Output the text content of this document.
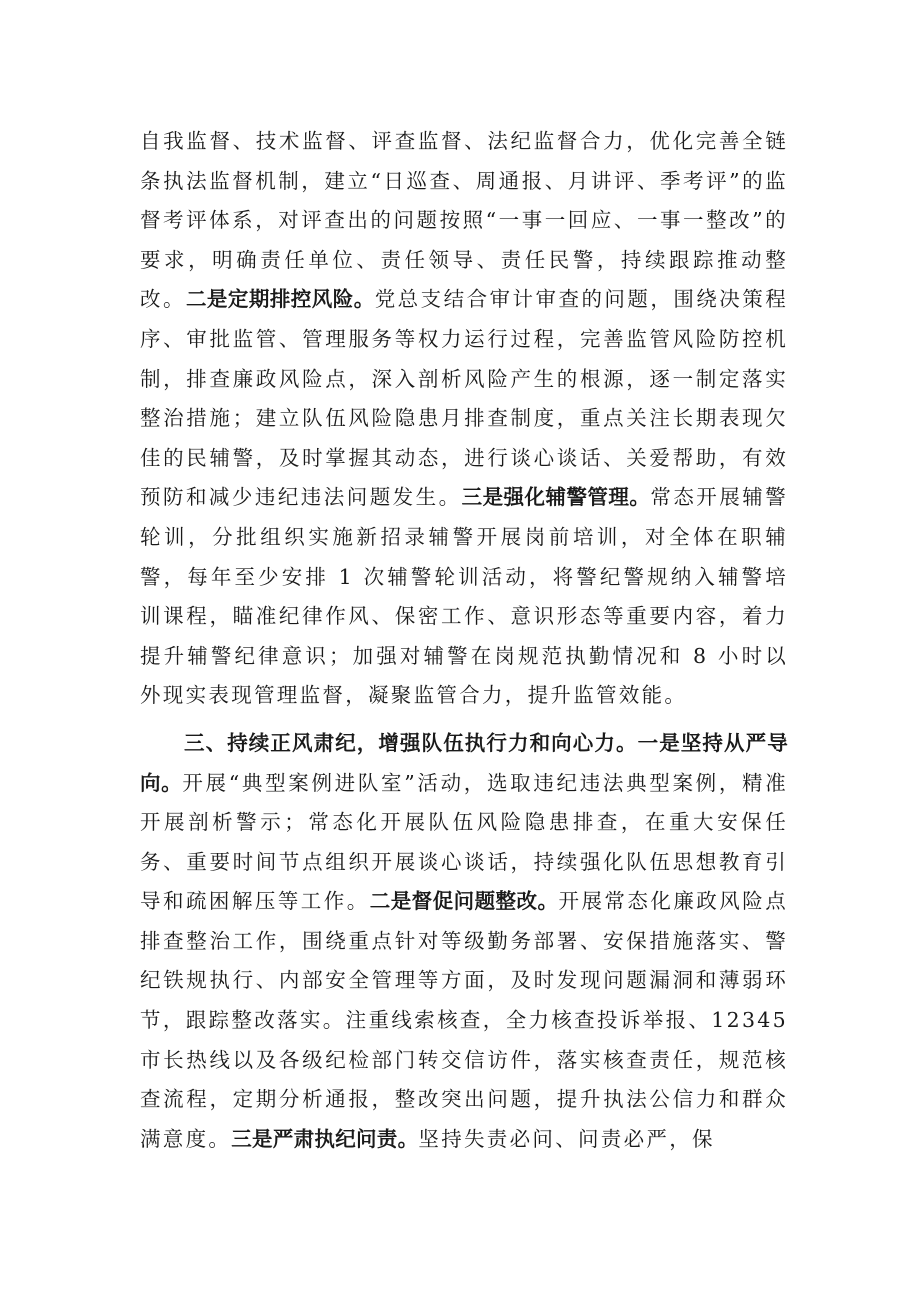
自我监督、技术监督、评查监督、法纪监督合力，优化完善全链条执法监督机制，建立“日巡查、周通报、月讲评、季考评”的监督考评体系，对评查出的问题按照“一事一回应、一事一整改”的要求，明确责任单位、责任领导、责任民警，持续跟踪推动整改。二是定期排控风险。党总支结合审计审查的问题，围绕决策程序、审批监管、管理服务等权力运行过程，完善监管风险防控机制，排查廉政风险点，深入剖析风险产生的根源，逐一制定落实整治措施；建立队伍风险隐患月排查制度，重点关注长期表现欠佳的民辅警，及时掌握其动态，进行谈心谈话、关爱帮助，有效预防和减少违纪违法问题发生。三是强化辅警管理。常态开展辅警轮训，分批组织实施新招录辅警开展岗前培训，对全体在职辅警，每年至少安排 1 次辅警轮训活动，将警纪警规纳入辅警培训课程，瞄准纪律作风、保密工作、意识形态等重要内容，着力提升辅警纪律意识；加强对辅警在岗规范执勤情况和 8 小时以外现实表现管理监督，凝聚监管合力，提升监管效能。

三、持续正风肃纪，增强队伍执行力和向心力。一是坚持从严导向。开展“典型案例进队室”活动，选取违纪违法典型案例，精准开展剖析警示；常态化开展队伍风险隐患排查，在重大安保任务、重要时间节点组织开展谈心谈话，持续强化队伍思想教育引导和疏困解压等工作。二是督促问题整改。开展常态化廉政风险点排查整治工作，围绕重点针对等级勤务部署、安保措施落实、警纪铁规执行、内部安全管理等方面，及时发现问题漏洞和薄弱环节，跟踪整改落实。注重线索核查，全力核查投诉举报、12345 市长热线以及各级纪检部门转交信访件，落实核查责任，规范核查流程，定期分析通报，整改突出问题，提升执法公信力和群众满意度。三是严肃执纪问责。坚持失责必问、问责必严，保
